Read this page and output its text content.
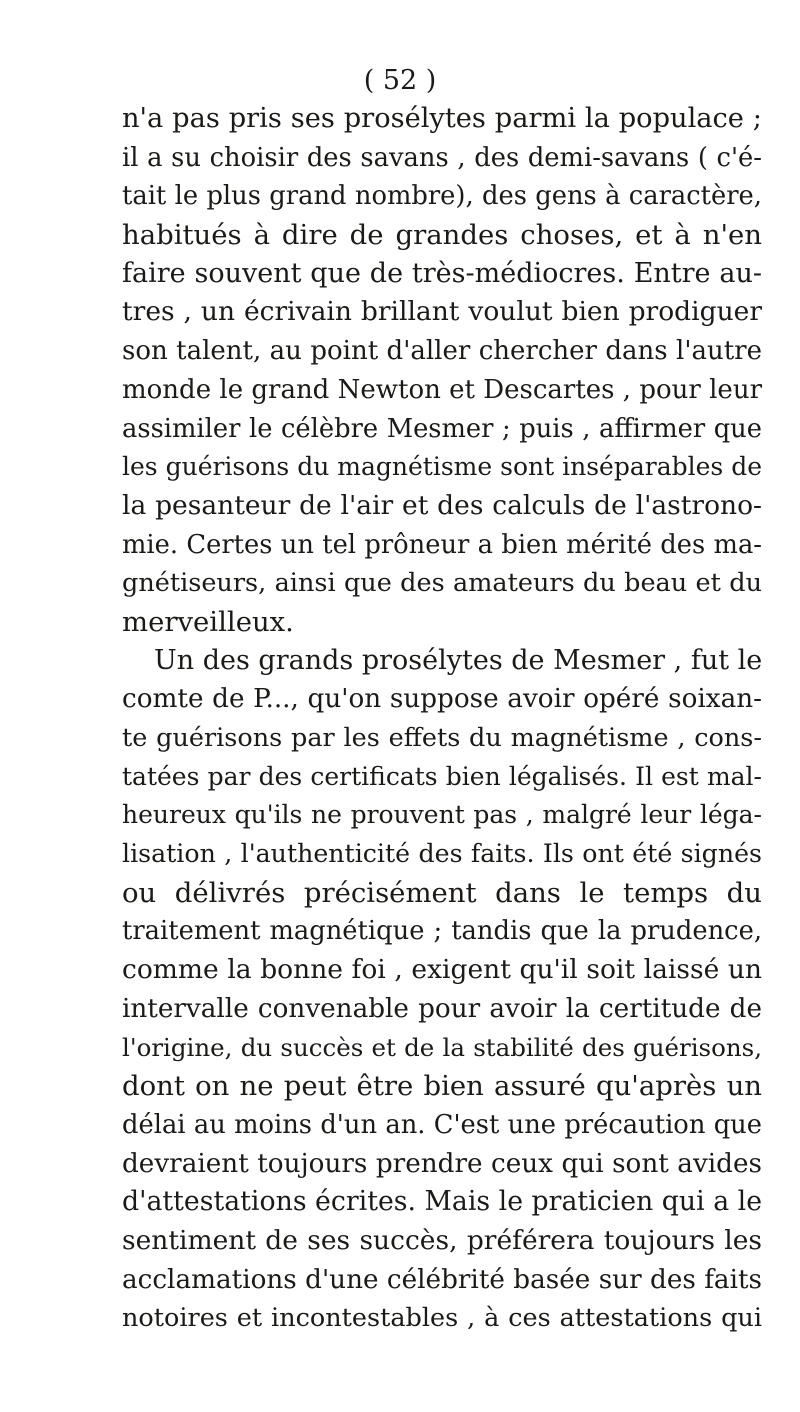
( 52 )
n'a pas pris ses prosélytes parmi la populace ;
il a su choisir des savans , des demi-savans ( c'é-
tait le plus grand nombre), des gens à caractère,
habitués à dire de grandes choses, et à n'en
faire souvent que de très-médiocres. Entre au-
tres , un écrivain brillant voulut bien prodiguer
son talent, au point d'aller chercher dans l'autre
monde le grand Newton et Descartes , pour leur
assimiler le célèbre Mesmer ; puis , affirmer que
les guérisons du magnétisme sont inséparables de
la pesanteur de l'air et des calculs de l'astrono-
mie. Certes un tel prôneur a bien mérité des ma-
gnétiseurs, ainsi que des amateurs du beau et du
merveilleux.
Un des grands prosélytes de Mesmer , fut le
comte de P..., qu'on suppose avoir opéré soixan-
te guérisons par les effets du magnétisme , cons-
tatées par des certificats bien légalisés. Il est mal-
heureux qu'ils ne prouvent pas , malgré leur léga-
lisation , l'authenticité des faits. Ils ont été signés
ou délivrés précisément dans le temps du
traitement magnétique ; tandis que la prudence,
comme la bonne foi , exigent qu'il soit laissé un
intervalle convenable pour avoir la certitude de
l'origine, du succès et de la stabilité des guérisons,
dont on ne peut être bien assuré qu'après un
délai au moins d'un an. C'est une précaution que
devraient toujours prendre ceux qui sont avides
d'attestations écrites. Mais le praticien qui a le
sentiment de ses succès, préférera toujours les
acclamations d'une célébrité basée sur des faits
notoires et incontestables , à ces attestations qui
